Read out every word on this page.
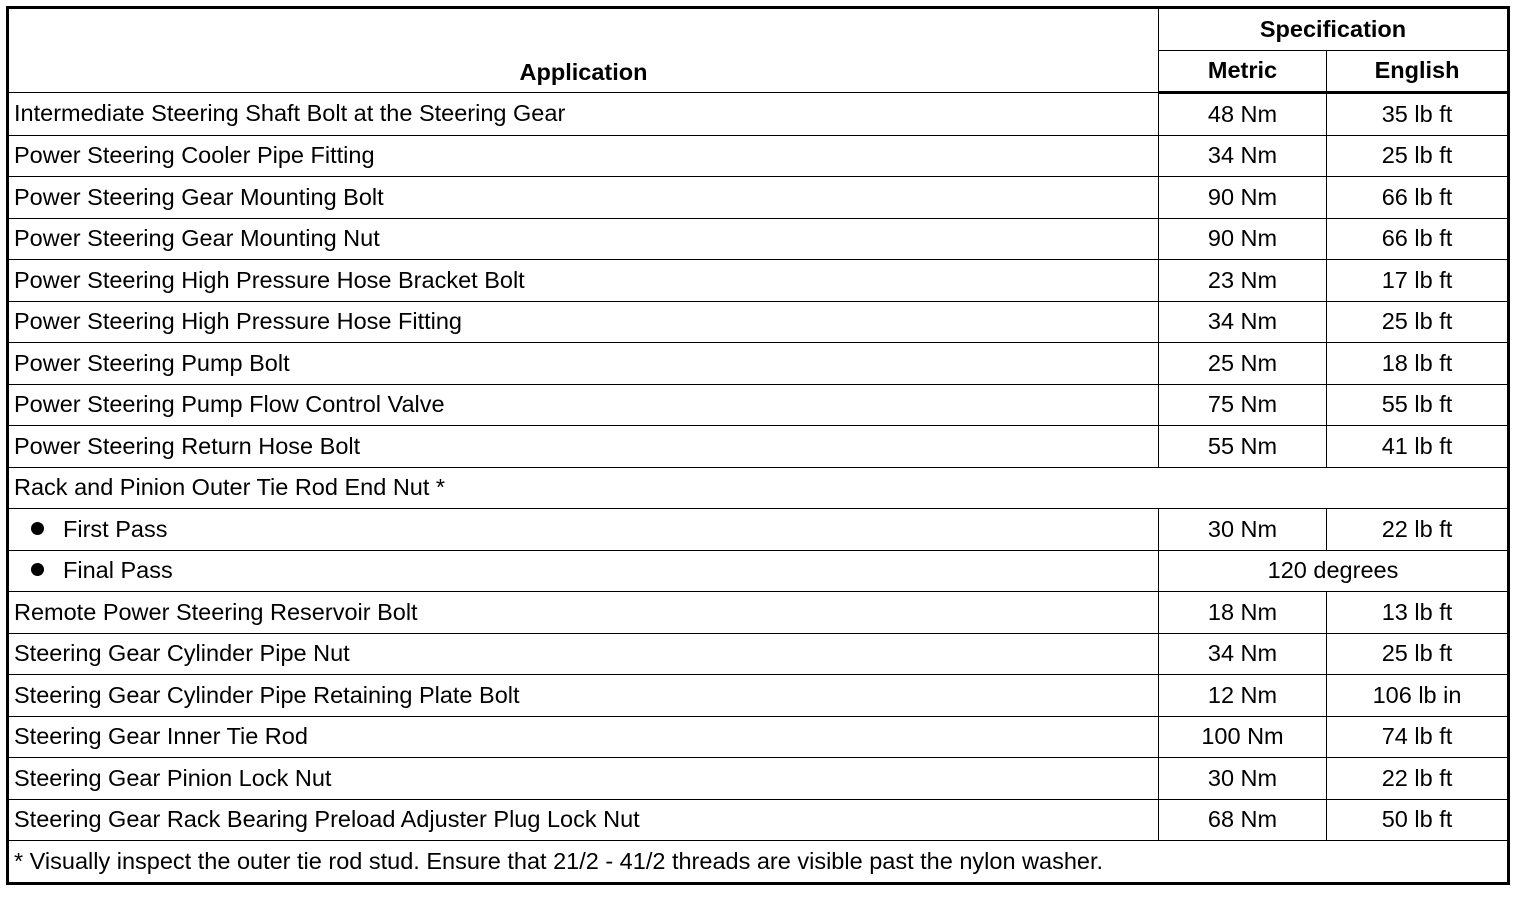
Application	Specification	
	Metric	English
Intermediate Steering Shaft Bolt at the Steering Gear	48 Nm	35 lb ft
Power Steering Cooler Pipe Fitting	34 Nm	25 lb ft
Power Steering Gear Mounting Bolt	90 Nm	66 lb ft
Power Steering Gear Mounting Nut	90 Nm	66 lb ft
Power Steering High Pressure Hose Bracket Bolt	23 Nm	17 lb ft
Power Steering High Pressure Hose Fitting	34 Nm	25 lb ft
Power Steering Pump Bolt	25 Nm	18 lb ft
Power Steering Pump Flow Control Valve	75 Nm	55 lb ft
Power Steering Return Hose Bolt	55 Nm	41 lb ft
Rack and Pinion Outer Tie Rod End Nut *		
First Pass	30 Nm	22 lb ft
Final Pass	120 degrees	
Remote Power Steering Reservoir Bolt	18 Nm	13 lb ft
Steering Gear Cylinder Pipe Nut	34 Nm	25 lb ft
Steering Gear Cylinder Pipe Retaining Plate Bolt	12 Nm	106 lb in
Steering Gear Inner Tie Rod	100 Nm	74 lb ft
Steering Gear Pinion Lock Nut	30 Nm	22 lb ft
Steering Gear Rack Bearing Preload Adjuster Plug Lock Nut	68 Nm	50 lb ft
* Visually inspect the outer tie rod stud. Ensure that 21/2 - 41/2 threads are visible past the nylon washer.		
